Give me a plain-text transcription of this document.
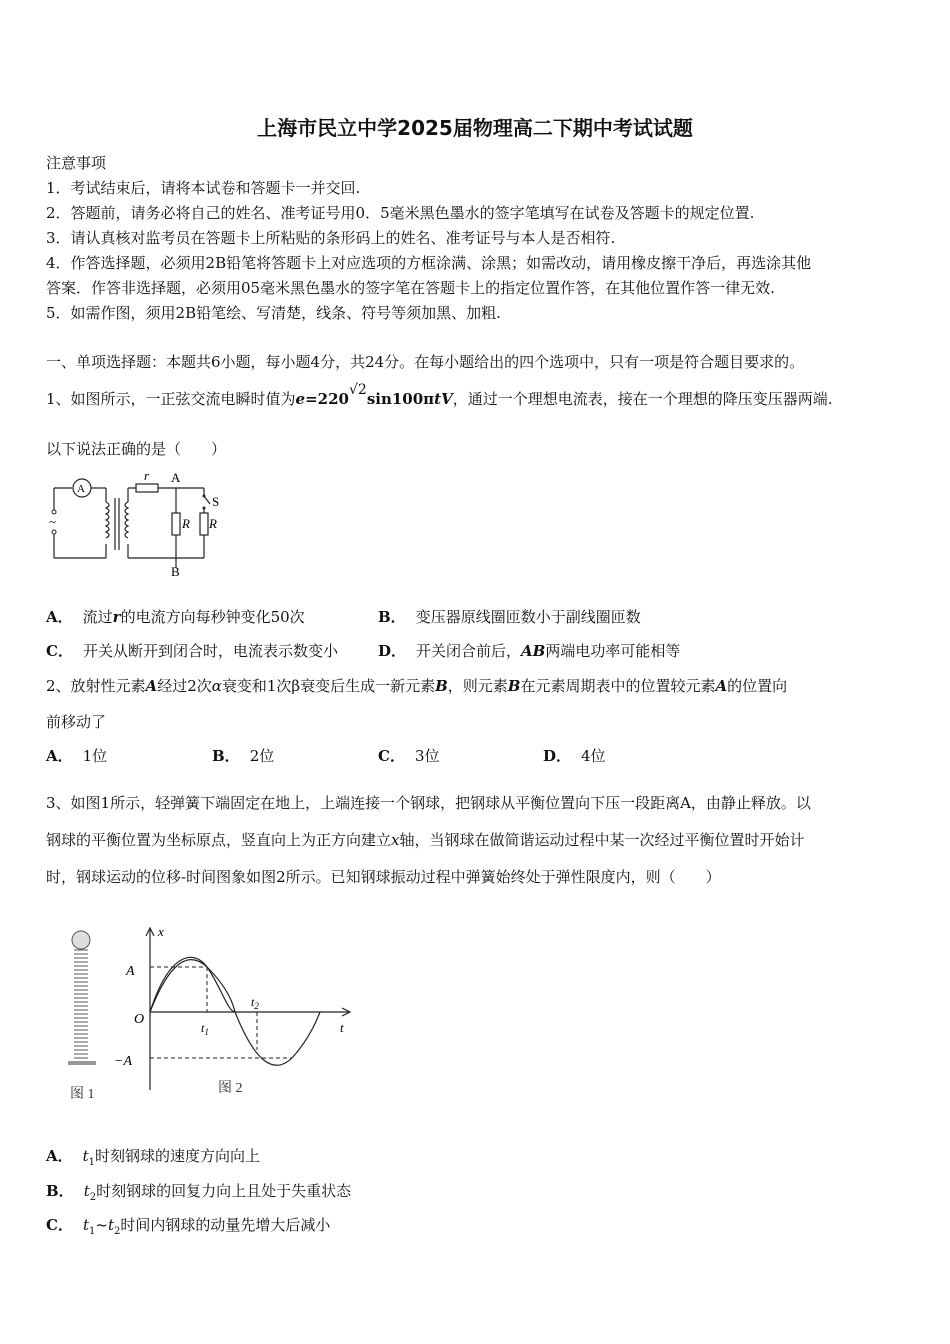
上海市民立中学2025届物理高二下期中考试试题
注意事项
1．考试结束后，请将本试卷和答题卡一并交回.
2．答题前，请务必将自己的姓名、准考证号用0．5毫米黑色墨水的签字笔填写在试卷及答题卡的规定位置.
3．请认真核对监考员在答题卡上所粘贴的条形码上的姓名、准考证号与本人是否相符.
4．作答选择题，必须用2B铅笔将答题卡上对应选项的方框涂满、涂黑；如需改动，请用橡皮擦干净后，再选涂其他
答案．作答非选择题，必须用05毫米黑色墨水的签字笔在答题卡上的指定位置作答，在其他位置作答一律无效.
5．如需作图，须用2B铅笔绘、写清楚，线条、符号等须加黑、加粗.
一、单项选择题：本题共6小题，每小题4分，共24分。在每小题给出的四个选项中，只有一项是符合题目要求的。
1、如图所示，一正弦交流电瞬时值为e=220√2sin100πtV，通过一个理想电流表，接在一个理想的降压变压器两端.
以下说法正确的是（　　）
A
~
r A
B
S
R R
A． 流过r的电流方向每秒钟变化50次	B． 变压器原线圈匝数小于副线圈匝数
C． 开关从断开到闭合时，电流表示数变小	D． 开关闭合前后，AB两端电功率可能相等
2、放射性元素A经过2次α衰变和1次β衰变后生成一新元素B，则元素B在元素周期表中的位置较元素A的位置向
前移动了
A． 1位	B． 2位	C． 3位	D． 4位
3、如图1所示，轻弹簧下端固定在地上，上端连接一个钢球，把钢球从平衡位置向下压一段距离A，由静止释放。以
钢球的平衡位置为坐标原点，竖直向上为正方向建立x轴，当钢球在做简谐运动过程中某一次经过平衡位置时开始计
时，钢球运动的位移-时间图象如图2所示。已知钢球振动过程中弹簧始终处于弹性限度内，则（　　）
图 1
x
t
O
A
−A
$t_1$
$t_2$
图 2
A． $t_1$时刻钢球的速度方向向上
B． $t_2$时刻钢球的回复力向上且处于失重状态
C． $t_1\sim t_2$时间内钢球的动量先增大后减小
